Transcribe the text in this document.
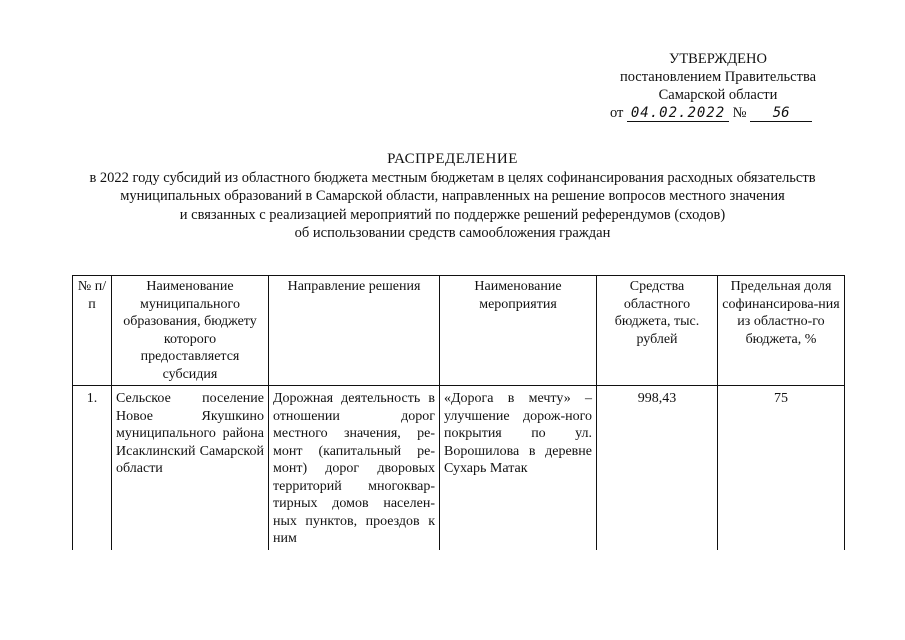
УТВЕРЖДЕНО
постановлением Правительства
Самарской области
от 04.02.2022 № 56
РАСПРЕДЕЛЕНИЕ
в 2022 году субсидий из областного бюджета местным бюджетам в целях софинансирования расходных обязательств
муниципальных образований в Самарской области, направленных на решение вопросов местного значения
и связанных с реализацией мероприятий по поддержке решений референдумов (сходов)
об использовании средств самообложения граждан
№ п/п	Наименование муниципального образования, бюджету которого предоставляется субсидия	Направление решения	Наименование мероприятия	Средства областного бюджета, тыс. рублей	Предельная доля софинансирова-ния из областно-го бюджета, %
1.	Сельское поселение Новое Якушкино муниципального района Исаклинский Самарской области	Дорожная деятельность в отношении дорог местного значения, ре-монт (капитальный ре-монт) дорог дворовых территорий многоквар-тирных домов населен-ных пунктов, проездов к ним	«Дорога в мечту» – улучшение дорож-ного покрытия по ул. Ворошилова в деревне Сухарь Матак	998,43	75
